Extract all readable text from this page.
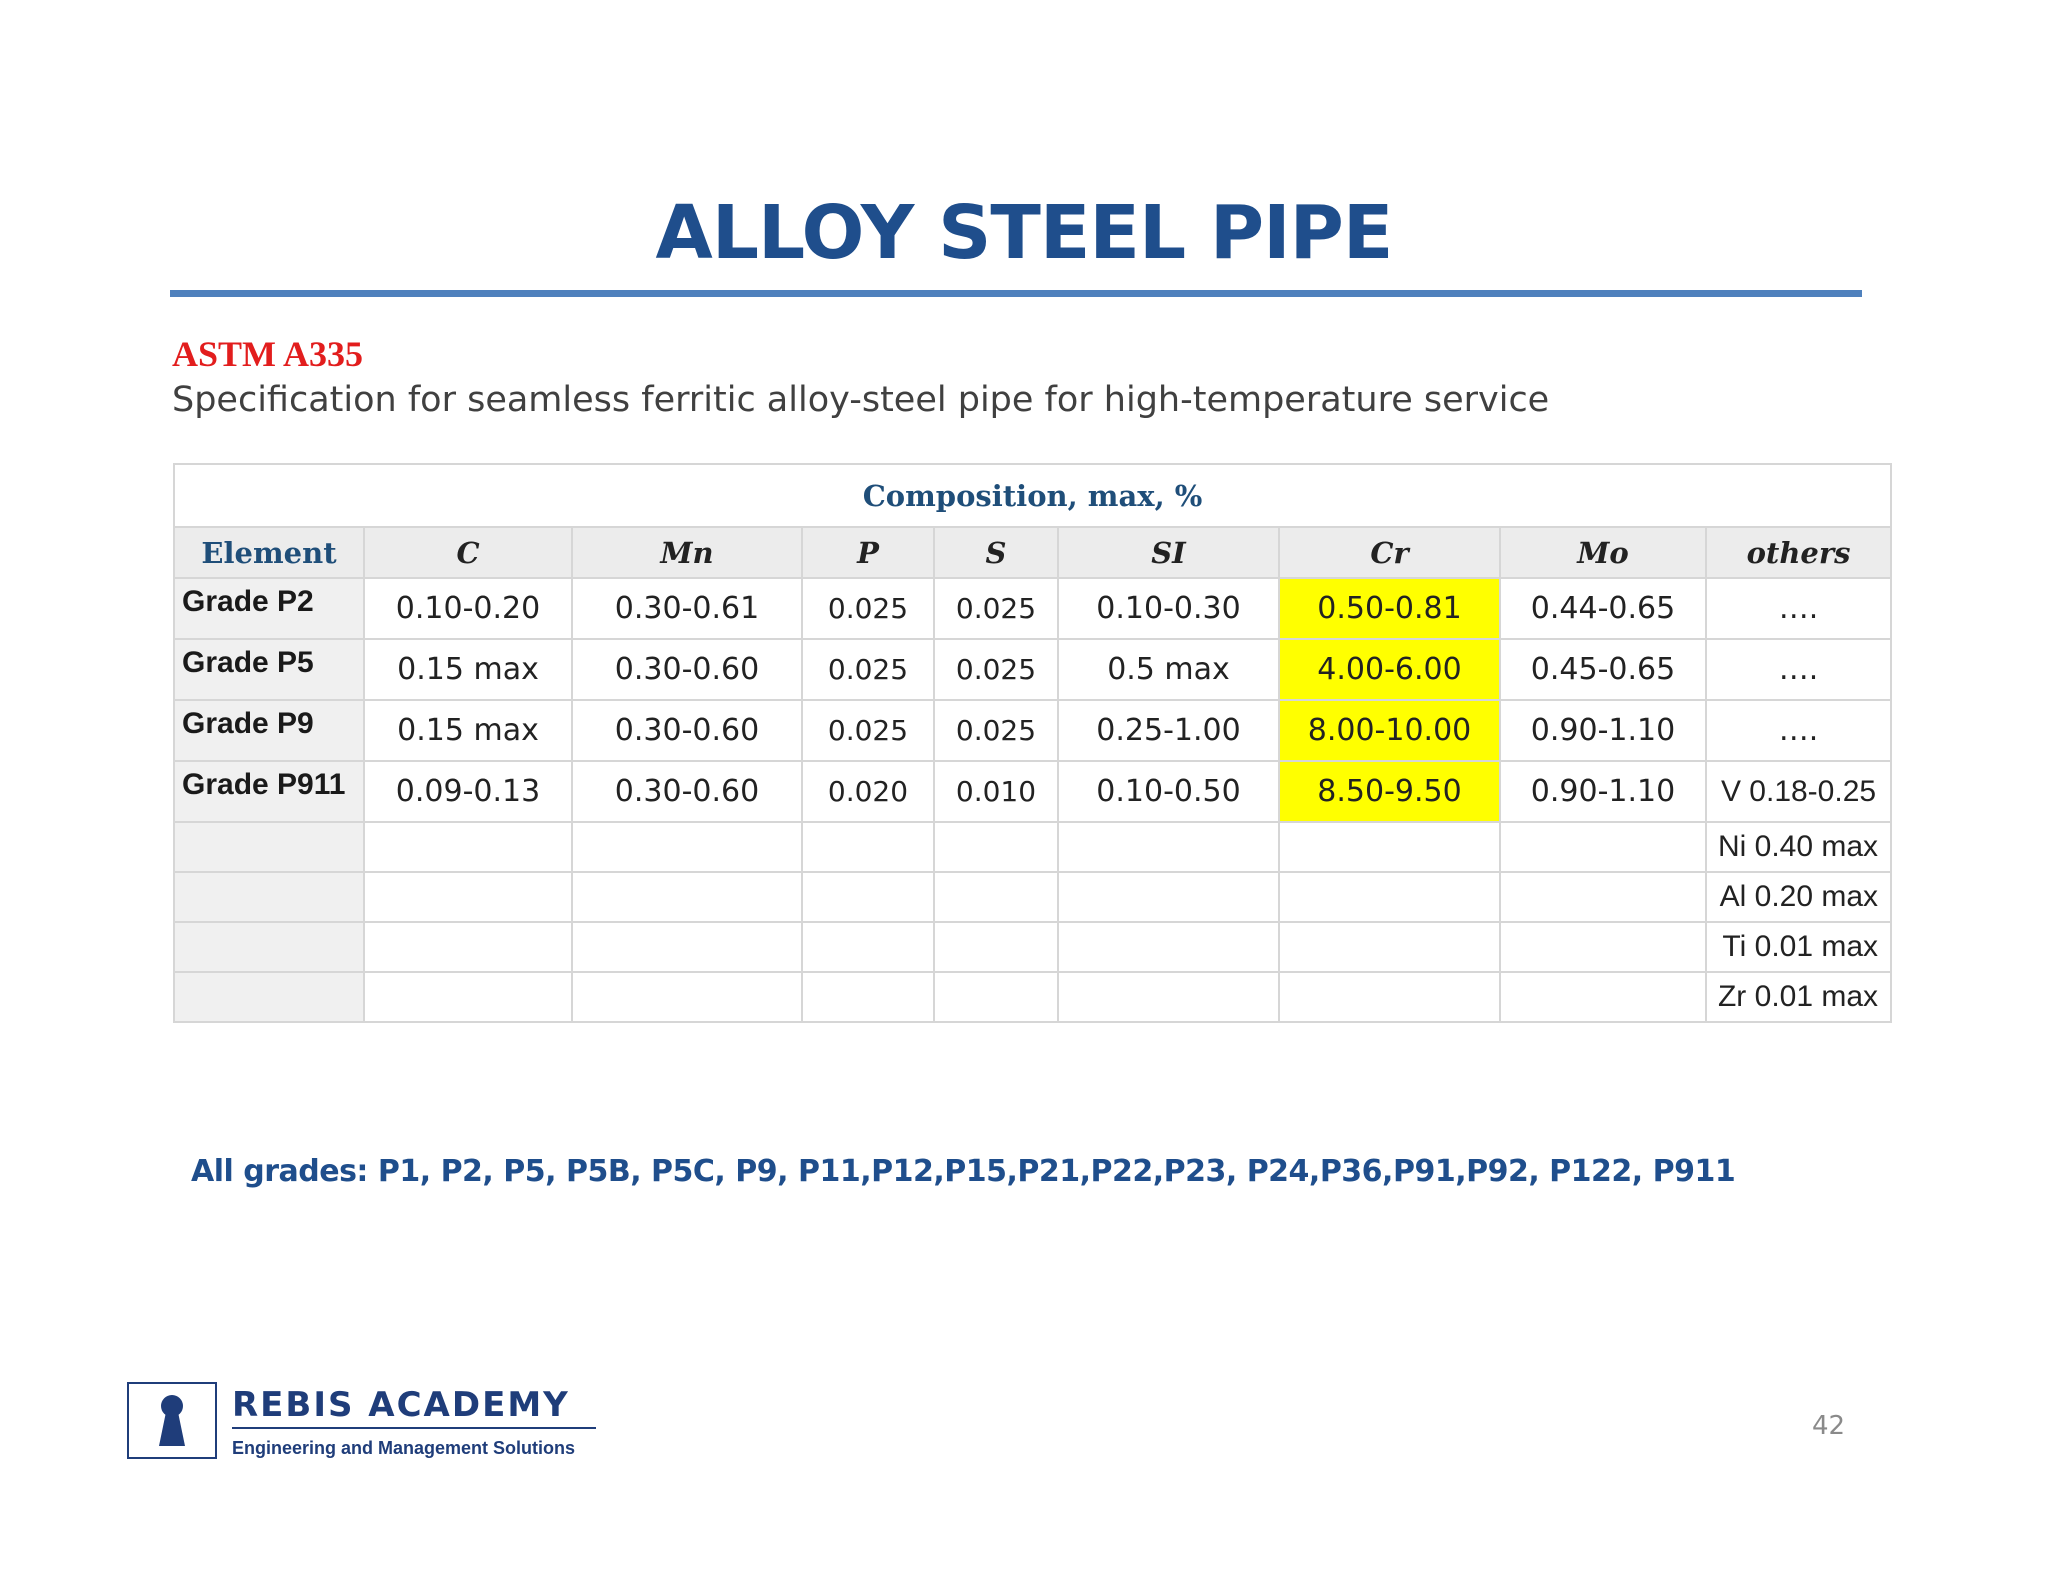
ALLOY STEEL PIPE
ASTM A335
Specification for seamless ferritic alloy-steel pipe for high-temperature service
Composition, max, %								
Element	C	Mn	P	S	SI	Cr	Mo	others
Grade P2	0.10-0.20	0.30-0.61	0.025	0.025	0.10-0.30	0.50-0.81	0.44-0.65	….
Grade P5	0.15 max	0.30-0.60	0.025	0.025	0.5 max	4.00-6.00	0.45-0.65	….
Grade P9	0.15 max	0.30-0.60	0.025	0.025	0.25-1.00	8.00-10.00	0.90-1.10	….
Grade P911	0.09-0.13	0.30-0.60	0.020	0.010	0.10-0.50	8.50-9.50	0.90-1.10	V 0.18-0.25
								Ni 0.40 max
								Al 0.20 max
								Ti 0.01 max
								Zr 0.01 max
All grades: P1, P2, P5, P5B, P5C, P9, P11,P12,P15,P21,P22,P23, P24,P36,P91,P92, P122, P911
REBIS ACADEMY
Engineering and Management Solutions
42
